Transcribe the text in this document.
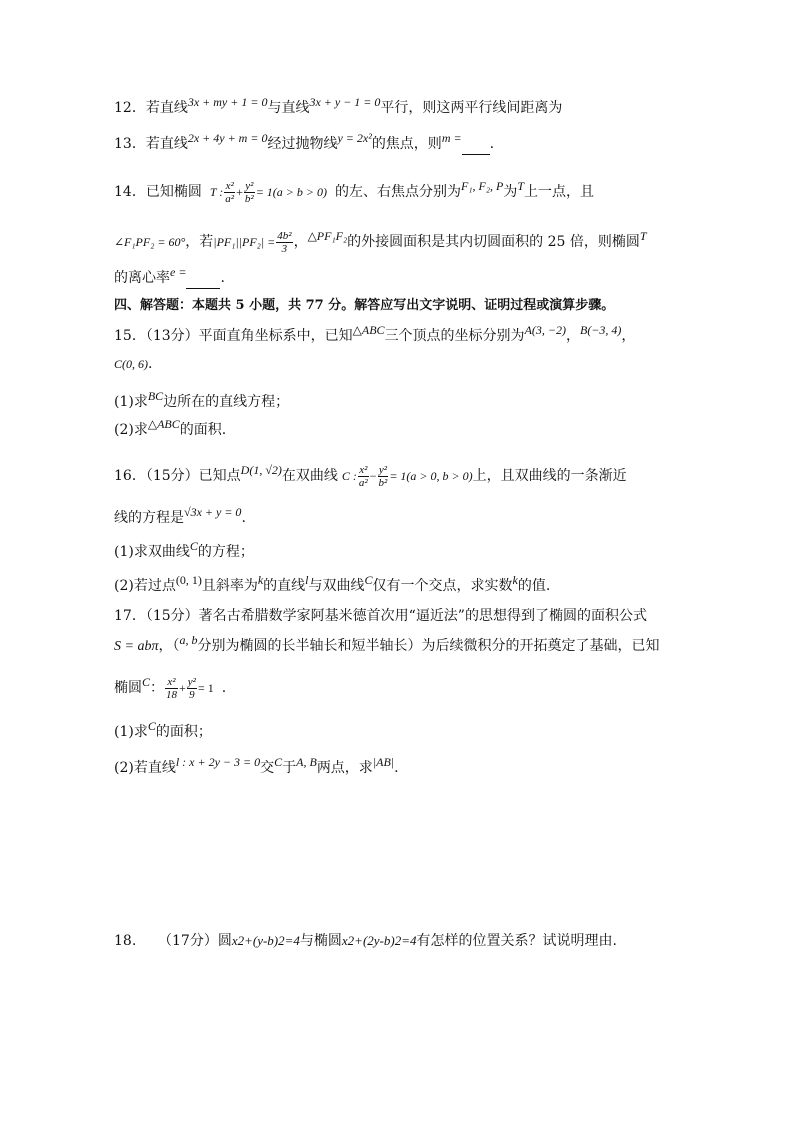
12．若直线3x + my + 1 = 0与直线3x + y − 1 = 0平行，则这两平行线间距离为
13．若直线2x + 4y + m = 0经过抛物线y = 2x²的焦点，则m = .
14．已知椭圆 T : $\frac{\text{x²}}{\text{a²}} + \frac{\text{y²}}{\text{b²}} = 1(a > b > 0)$ 的左、右焦点分别为F₁, F₂, P为T上一点，且
∠F₁PF₂ = 60°，若$|PF_1||PF_2| = \frac{\text{4b²}}{3}$ ，△PF₁F₂的外接圆面积是其内切圆面积的 25 倍，则椭圆T
的离心率e = .
四、解答题：本题共 5 小题，共 77 分。解答应写出文字说明、证明过程或演算步骤。
15．（13分）平面直角坐标系中，已知△ABC三个顶点的坐标分别为A(3, −2)，B(−3, 4)，
C(0, 6).
(1)求BC边所在的直线方程；
(2)求△ABC的面积.
16．（15分）已知点D(1, √2)在双曲线 C : $\frac{\text{x²}}{\text{a²}} - \frac{\text{y²}}{\text{b²}} = 1(a > 0$, b > 0)上，且双曲线的一条渐近
线的方程是√3x + y = 0.
(1)求双曲线C的方程；
(2)若过点(0, 1)且斜率为k的直线l与双曲线C仅有一个交点，求实数k的值.
17．（15分）著名古希腊数学家阿基米德首次用“逼近法”的思想得到了椭圆的面积公式
S = abπ，（a, b分别为椭圆的长半轴长和短半轴长）为后续微积分的开拓奠定了基础，已知
椭圆C： $\frac{\text{x²}}{18} + \frac{\text{y²}}{9} = 1$ .
(1)求C的面积；
(2)若直线l : x + 2y − 3 = 0交C于A, B两点，求|AB|.
18. （17分）圆x2+(y-b)2=4与椭圆x2+(2y-b)2=4有怎样的位置关系？试说明理由.
